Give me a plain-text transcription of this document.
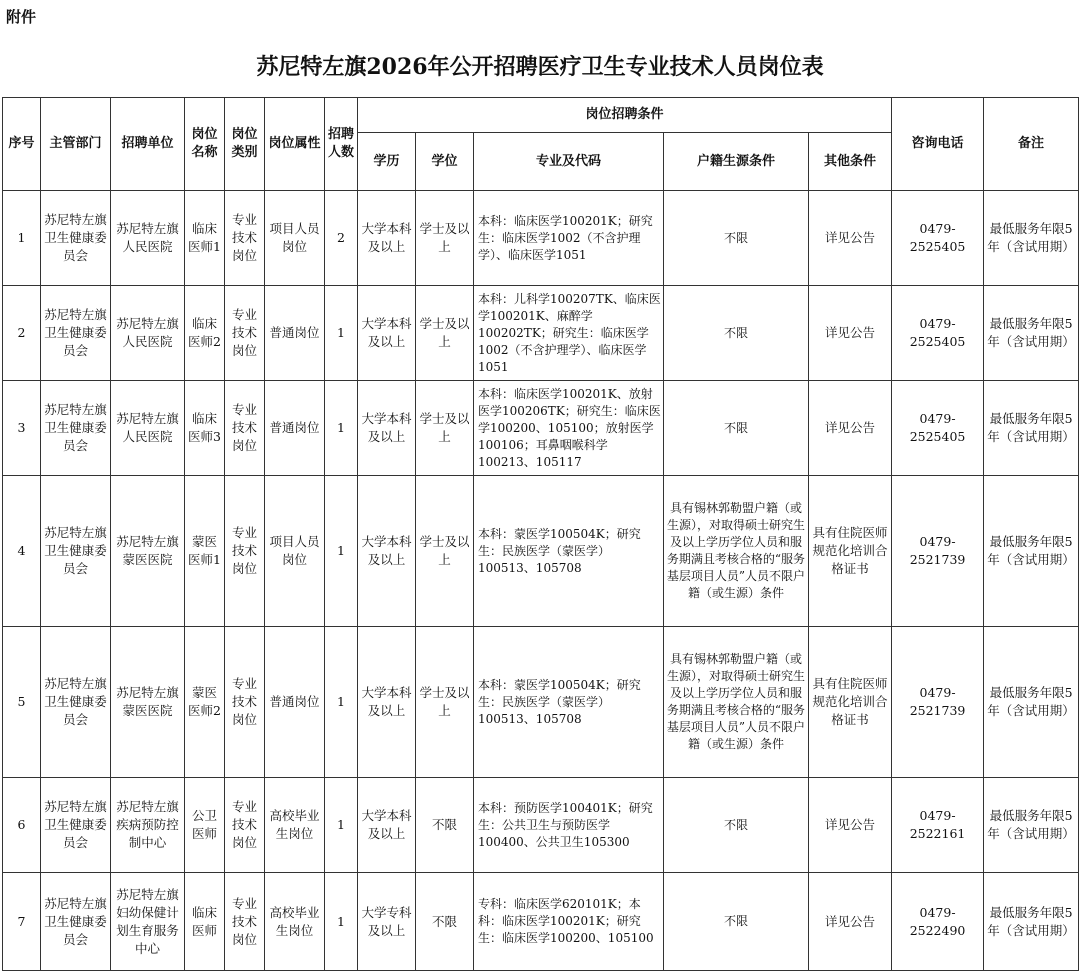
附件
苏尼特左旗2026年公开招聘医疗卫生专业技术人员岗位表
序号	主管部门	招聘单位	岗位名称	岗位类别	岗位属性	招聘人数	岗位招聘条件					咨询电话	备注
							学历	学位	专业及代码	户籍生源条件	其他条件		
1	苏尼特左旗卫生健康委员会	苏尼特左旗人民医院	临床医师1	专业技术岗位	项目人员岗位	2	大学本科及以上	学士及以上	本科：临床医学100201K；研究生：临床医学1002（不含护理学）、临床医学1051	不限	详见公告	0479-2525405	最低服务年限5年（含试用期）
2	苏尼特左旗卫生健康委员会	苏尼特左旗人民医院	临床医师2	专业技术岗位	普通岗位	1	大学本科及以上	学士及以上	本科：儿科学100207TK、临床医学100201K、麻醉学100202TK；研究生：临床医学1002（不含护理学）、临床医学1051	不限	详见公告	0479-2525405	最低服务年限5年（含试用期）
3	苏尼特左旗卫生健康委员会	苏尼特左旗人民医院	临床医师3	专业技术岗位	普通岗位	1	大学本科及以上	学士及以上	本科：临床医学100201K、放射医学100206TK；研究生：临床医学100200、105100；放射医学100106；耳鼻咽喉科学100213、105117	不限	详见公告	0479-2525405	最低服务年限5年（含试用期）
4	苏尼特左旗卫生健康委员会	苏尼特左旗蒙医医院	蒙医医师1	专业技术岗位	项目人员岗位	1	大学本科及以上	学士及以上	本科：蒙医学100504K；研究生：民族医学（蒙医学）100513、105708	具有锡林郭勒盟户籍（或生源），对取得硕士研究生及以上学历学位人员和服务期满且考核合格的“服务基层项目人员”人员不限户籍（或生源）条件	具有住院医师规范化培训合格证书	0479-2521739	最低服务年限5年（含试用期）
5	苏尼特左旗卫生健康委员会	苏尼特左旗蒙医医院	蒙医医师2	专业技术岗位	普通岗位	1	大学本科及以上	学士及以上	本科：蒙医学100504K；研究生：民族医学（蒙医学）100513、105708	具有锡林郭勒盟户籍（或生源），对取得硕士研究生及以上学历学位人员和服务期满且考核合格的“服务基层项目人员”人员不限户籍（或生源）条件	具有住院医师规范化培训合格证书	0479-2521739	最低服务年限5年（含试用期）
6	苏尼特左旗卫生健康委员会	苏尼特左旗疾病预防控制中心	公卫医师	专业技术岗位	高校毕业生岗位	1	大学本科及以上	不限	本科：预防医学100401K；研究生：公共卫生与预防医学100400、公共卫生105300	不限	详见公告	0479-2522161	最低服务年限5年（含试用期）
7	苏尼特左旗卫生健康委员会	苏尼特左旗妇幼保健计划生育服务中心	临床医师	专业技术岗位	高校毕业生岗位	1	大学专科及以上	不限	专科：临床医学620101K；本科：临床医学100201K；研究生：临床医学100200、105100	不限	详见公告	0479-2522490	最低服务年限5年（含试用期）
